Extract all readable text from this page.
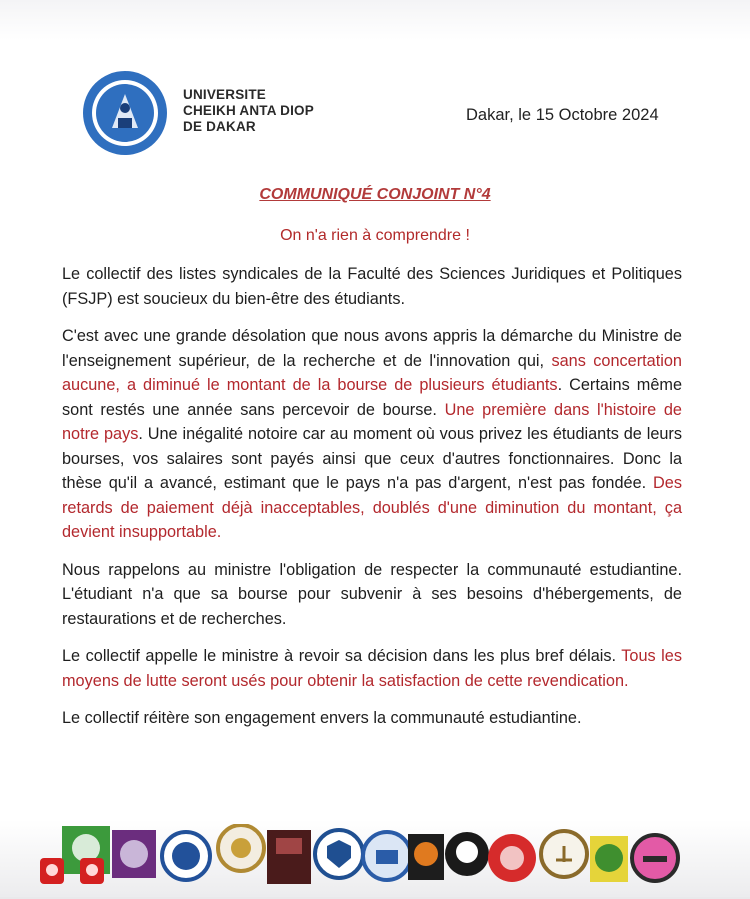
UNIVERSITE
CHEIKH ANTA DIOP
DE DAKAR
Dakar, le 15 Octobre 2024
COMMUNIQUÉ CONJOINT N°4
On n'a rien à comprendre !

Le collectif des listes syndicales de la Faculté des Sciences Juridiques et Politiques (FSJP) est soucieux du bien-être des étudiants.

C'est avec une grande désolation que nous avons appris la démarche du Ministre de l'enseignement supérieur, de la recherche et de l'innovation qui, sans concertation aucune, a diminué le montant de la bourse de plusieurs étudiants. Certains même sont restés une année sans percevoir de bourse. Une première dans l'histoire de notre pays. Une inégalité notoire car au moment où vous privez les étudiants de leurs bourses, vos salaires sont payés ainsi que ceux d'autres fonctionnaires. Donc la thèse qu'il a avancé, estimant que le pays n'a pas d'argent, n'est pas fondée. Des retards de paiement déjà inacceptables, doublés d'une diminution du montant, ça devient insupportable.

Nous rappelons au ministre l'obligation de respecter la communauté estudiantine. L'étudiant n'a que sa bourse pour subvenir à ses besoins d'hébergements, de restaurations et de recherches.

Le collectif appelle le ministre à revoir sa décision dans les plus bref délais. Tous les moyens de lutte seront usés pour obtenir la satisfaction de cette revendication.

Le collectif réitère son engagement envers la communauté estudiantine.
